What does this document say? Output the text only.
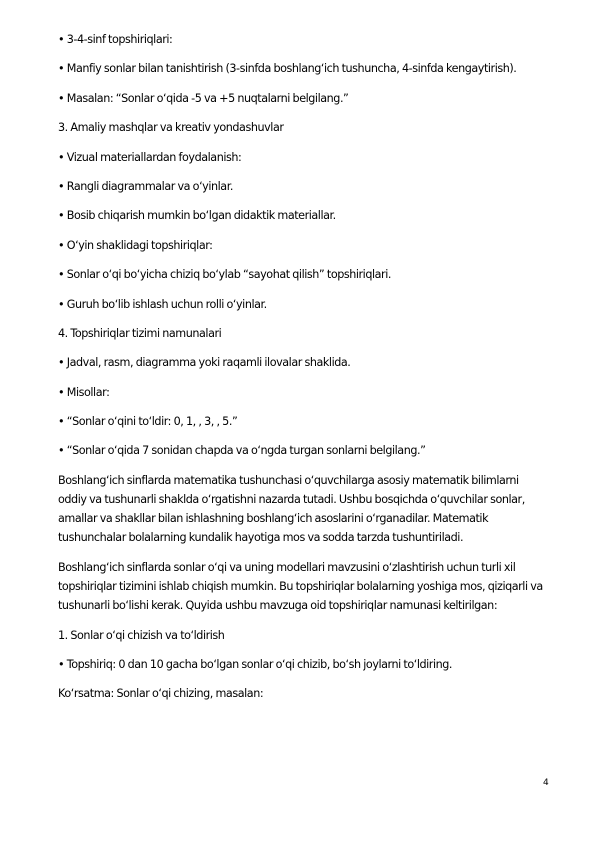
• 3-4-sinf topshiriqlari:

• Manfiy sonlar bilan tanishtirish (3-sinfda boshlang‘ich tushuncha, 4-sinfda kengaytirish).

• Masalan: “Sonlar o‘qida -5 va +5 nuqtalarni belgilang.”

3. Amaliy mashqlar va kreativ yondashuvlar

• Vizual materiallardan foydalanish:

• Rangli diagrammalar va o‘yinlar.

• Bosib chiqarish mumkin bo‘lgan didaktik materiallar.

• O‘yin shaklidagi topshiriqlar:

• Sonlar o‘qi bo‘yicha chiziq bo‘ylab “sayohat qilish” topshiriqlari.

• Guruh bo‘lib ishlash uchun rolli o‘yinlar.

4. Topshiriqlar tizimi namunalari

• Jadval, rasm, diagramma yoki raqamli ilovalar shaklida.

• Misollar:

• “Sonlar o‘qini to‘ldir: 0, 1, , 3, , 5.”

• “Sonlar o‘qida 7 sonidan chapda va o‘ngda turgan sonlarni belgilang.”

Boshlang‘ich sinflarda matematika tushunchasi o‘quvchilarga asosiy matematik bilimlarni oddiy va tushunarli shaklda o‘rgatishni nazarda tutadi. Ushbu bosqichda o‘quvchilar sonlar, amallar va shakllar bilan ishlashning boshlang‘ich asoslarini o‘rganadilar. Matematik tushunchalar bolalarning kundalik hayotiga mos va sodda tarzda tushuntiriladi.

Boshlang‘ich sinflarda sonlar o‘qi va uning modellari mavzusini o‘zlashtirish uchun turli xil topshiriqlar tizimini ishlab chiqish mumkin. Bu topshiriqlar bolalarning yoshiga mos, qiziqarli va tushunarli bo‘lishi kerak. Quyida ushbu mavzuga oid topshiriqlar namunasi keltirilgan:

1. Sonlar o‘qi chizish va to‘ldirish

• Topshiriq: 0 dan 10 gacha bo‘lgan sonlar o‘qi chizib, bo‘sh joylarni to‘ldiring.

Ko‘rsatma: Sonlar o‘qi chizing, masalan:

4
